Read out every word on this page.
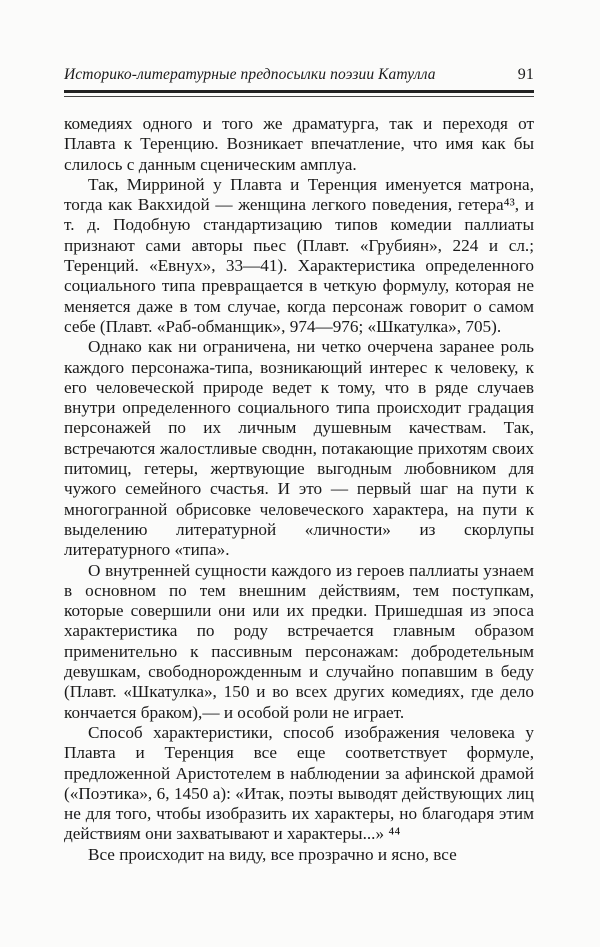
Историко-литературные предпосылки поэзии Катулла	91

комедиях одного и того же драматурга, так и переходя от Плавта к Теренцию. Возникает впечатление, что имя как бы слилось с данным сценическим амплуа.

Так, Мирриной у Плавта и Теренция именуется матрона, тогда как Вакхидой — женщина легкого поведения, гетера⁴³, и т. д. Подобную стандартизацию типов комедии паллиаты признают сами авторы пьес (Плавт. «Грубиян», 224 и сл.; Теренций. «Евнух», 33—41). Характеристика определенного социального типа превращается в четкую формулу, которая не меняется даже в том случае, когда персонаж говорит о самом себе (Плавт. «Раб-обманщик», 974—976; «Шкатулка», 705).

Однако как ни ограничена, ни четко очерчена заранее роль каждого персонажа-типа, возникающий интерес к человеку, к его человеческой природе ведет к тому, что в ряде случаев внутри определенного социального типа происходит градация персонажей по их личным душевным качествам. Так, встречаются жалостливые своднн, потакающие прихотям своих питомиц, гетеры, жертвующие выгодным любовником для чужого семейного счастья. И это — первый шаг на пути к многогранной обрисовке человеческого характера, на пути к выделению литературной «личности» из скорлупы литературного «типа».

О внутренней сущности каждого из героев паллиаты узнаем в основном по тем внешним действиям, тем поступкам, которые совершили они или их предки. Пришедшая из эпоса характеристика по роду встречается главным образом применительно к пассивным персонажам: добродетельным девушкам, свободнорожденным и случайно попавшим в беду (Плавт. «Шкатулка», 150 и во всех других комедиях, где дело кончается браком),— и особой роли не играет.

Способ характеристики, способ изображения человека у Плавта и Теренция все еще соответствует формуле, предложенной Аристотелем в наблюдении за афинской драмой («Поэтика», 6, 1450 а): «Итак, поэты выводят действующих лиц не для того, чтобы изобразить их характеры, но благодаря этим действиям они захватывают и характеры...» ⁴⁴

Все происходит на виду, все прозрачно и ясно, все
